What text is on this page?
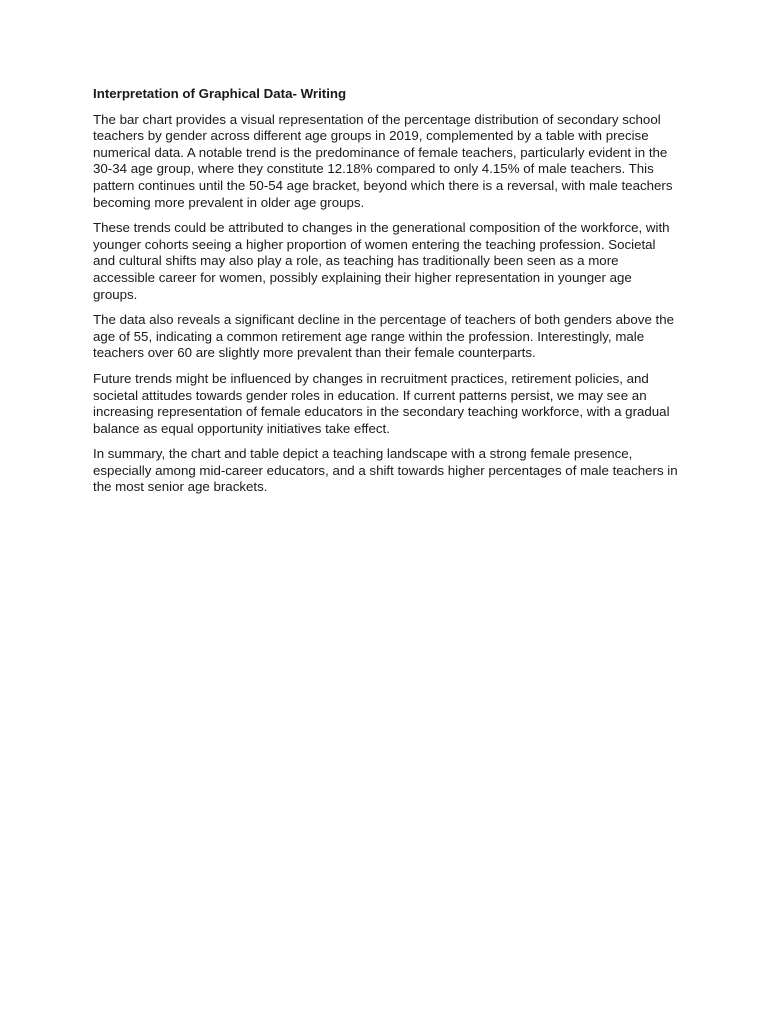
Interpretation of Graphical Data- Writing

The bar chart provides a visual representation of the percentage distribution of secondary school teachers by gender across different age groups in 2019, complemented by a table with precise numerical data. A notable trend is the predominance of female teachers, particularly evident in the 30-34 age group, where they constitute 12.18% compared to only 4.15% of male teachers. This pattern continues until the 50-54 age bracket, beyond which there is a reversal, with male teachers becoming more prevalent in older age groups.

These trends could be attributed to changes in the generational composition of the workforce, with younger cohorts seeing a higher proportion of women entering the teaching profession. Societal and cultural shifts may also play a role, as teaching has traditionally been seen as a more accessible career for women, possibly explaining their higher representation in younger age groups.

The data also reveals a significant decline in the percentage of teachers of both genders above the age of 55, indicating a common retirement age range within the profession. Interestingly, male teachers over 60 are slightly more prevalent than their female counterparts.

Future trends might be influenced by changes in recruitment practices, retirement policies, and societal attitudes towards gender roles in education. If current patterns persist, we may see an increasing representation of female educators in the secondary teaching workforce, with a gradual balance as equal opportunity initiatives take effect.

In summary, the chart and table depict a teaching landscape with a strong female presence, especially among mid-career educators, and a shift towards higher percentages of male teachers in the most senior age brackets.
